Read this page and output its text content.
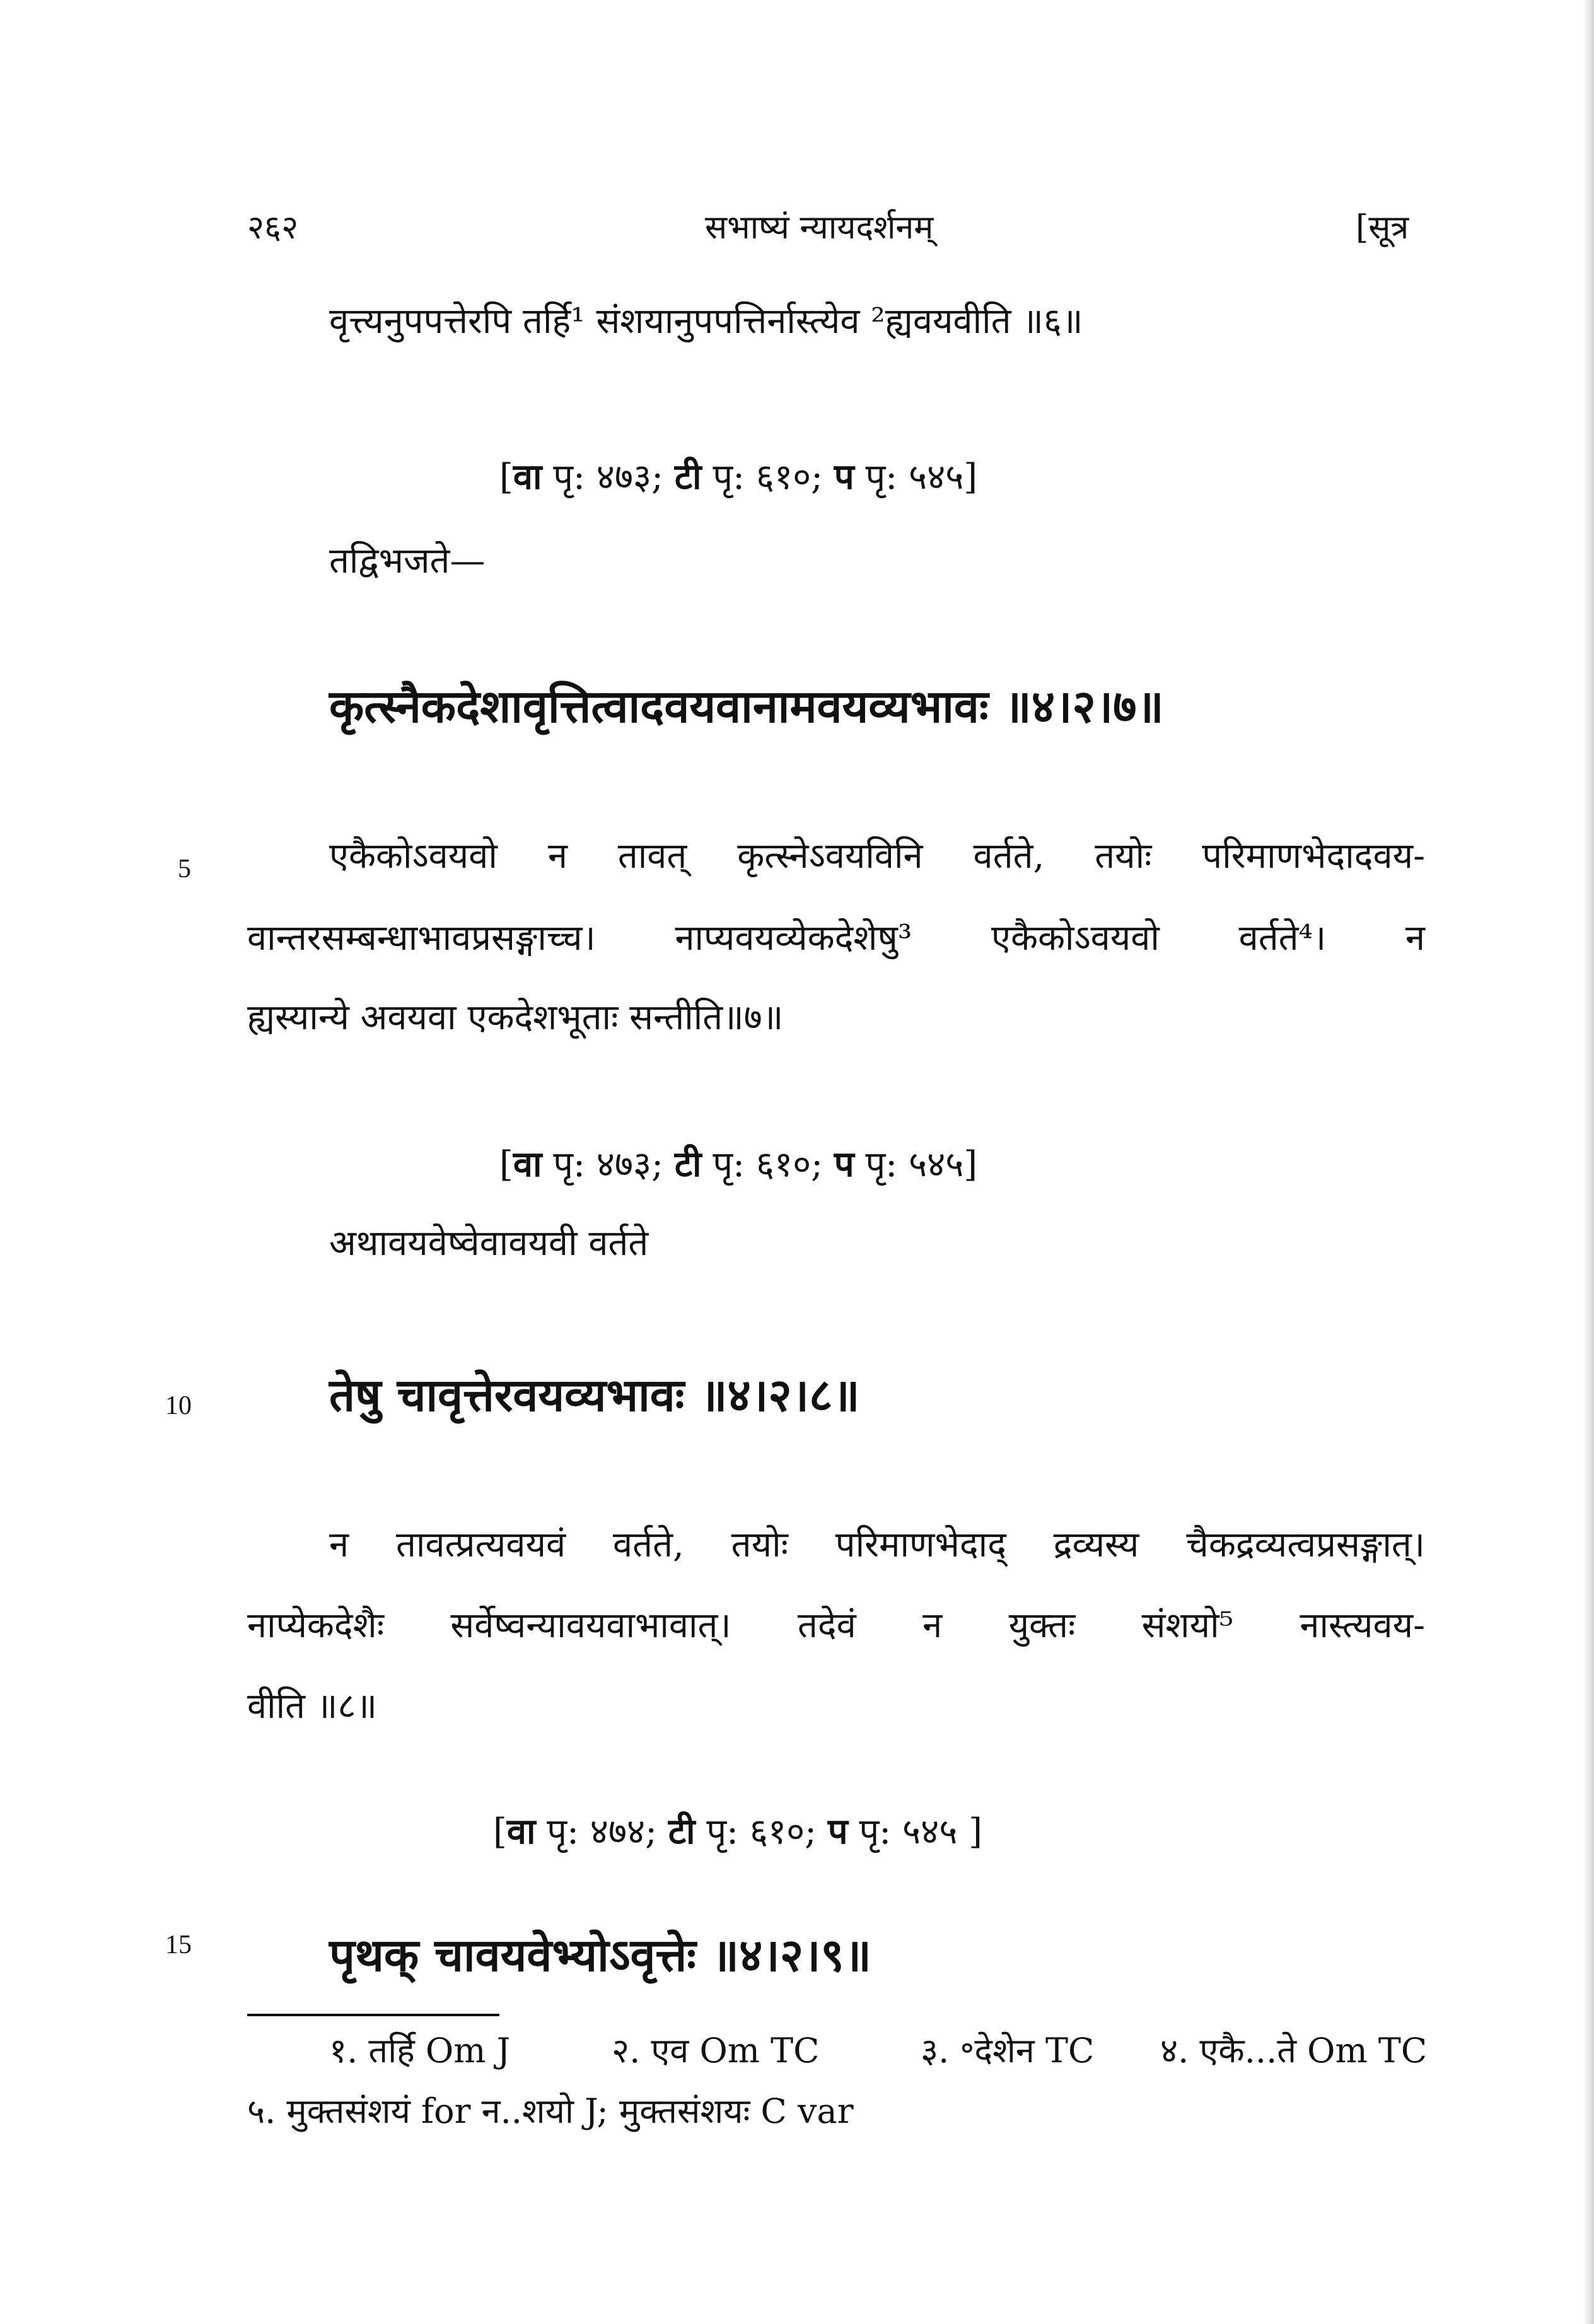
२६२	सभाष्यं न्यायदर्शनम्	[सूत्र
वृत्त्यनुपपत्तेरपि तर्हि¹ संशयानुपपत्तिर्नास्त्येव ²ह्यवयवीति ॥६॥
[वा पृ: ४७३; टी पृ: ६१०; प पृ: ५४५]
तद्विभजते—
कृत्स्नैकदेशावृत्तित्वादवयवानामवयव्यभावः ॥४।२।७॥
5	एकैकोऽवयवो न तावत् कृत्स्नेऽवयविनि वर्तते, तयोः परिमाणभेदादवय-
वान्तरसम्बन्धाभावप्रसङ्गाच्च। नाप्यवयव्येकदेशेषु³ एकैकोऽवयवो वर्तते⁴। न
ह्यस्यान्ये अवयवा एकदेशभूताः सन्तीति॥७॥
[वा पृ: ४७३; टी पृ: ६१०; प पृ: ५४५]
अथावयवेष्वेवावयवी वर्तते
10	तेषु चावृत्तेरवयव्यभावः ॥४।२।८॥
न तावत्प्रत्यवयवं वर्तते, तयोः परिमाणभेदाद् द्रव्यस्य चैकद्रव्यत्वप्रसङ्गात्।
नाप्येकदेशैः सर्वेष्वन्यावयवाभावात्। तदेवं न युक्तः संशयो⁵ नास्त्यवय-
वीति ॥८॥
[वा पृ: ४७४; टी पृ: ६१०; प पृ: ५४५ ]
15	पृथक् चावयवेभ्योऽवृत्तेः ॥४।२।९॥
१. तर्हि Om J	२. एव Om TC	३. ॰देशेन TC ४. एकै...ते Om TC
५. मुक्तसंशयं for न..शयो J; मुक्तसंशयः C var
